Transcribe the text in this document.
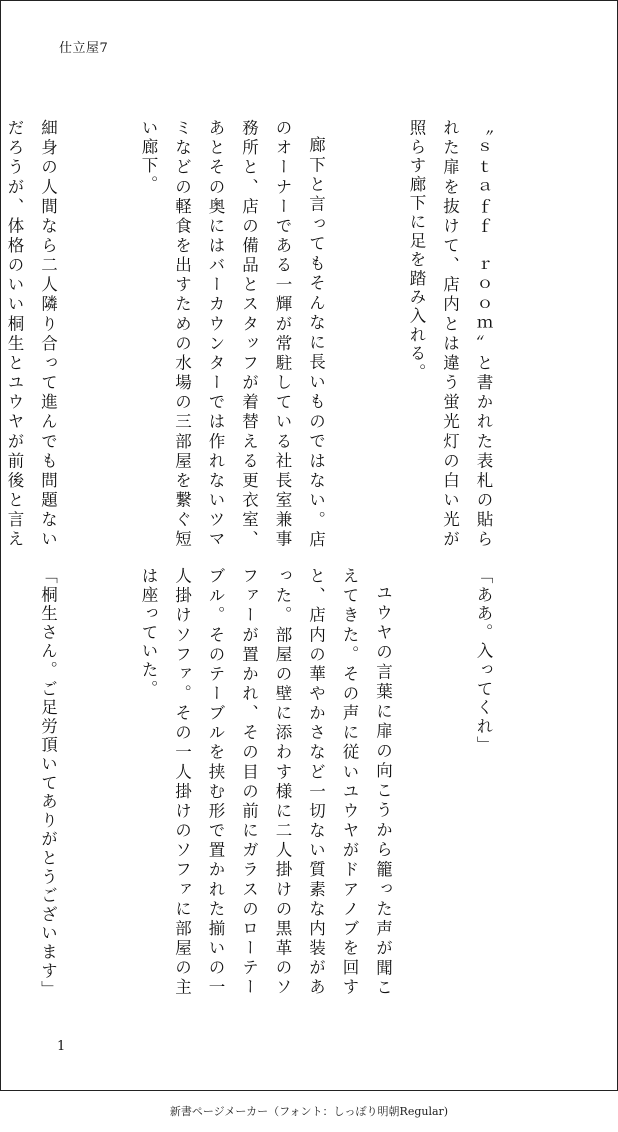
仕立屋7

〝ｓｔａｆｆ　ｒｏｏｍ〟と書かれた表札の貼られた扉を抜けて、店内とは違う蛍光灯の白い光が照らす廊下に足を踏み入れる。

廊下と言ってもそんなに長いものではない。店のオーナーである一輝が常駐している社長室兼事務所と、店の備品とスタッフが着替える更衣室、あとその奥にはバーカウンターでは作れないツマミなどの軽食を出すための水場の三部屋を繋ぐ短い廊下。

細身の人間なら二人隣り合って進んでも問題ないだろうが、体格のいい桐生とユウヤが前後と言え

「ああ。入ってくれ」

ユウヤの言葉に扉の向こうから籠った声が聞こえてきた。その声に従いユウヤがドアノブを回すと、店内の華やかさなど一切ない質素な内装があった。部屋の壁に添わす様に二人掛けの黒革のソファーが置かれ、その目の前にガラスのローテーブル。そのテーブルを挟む形で置かれた揃いの一人掛けソファ。その一人掛けのソファに部屋の主は座っていた。

「桐生さん。ご足労頂いてありがとうございます」

1
新書ページメーカー（フォント：しっぽり明朝Regular)
